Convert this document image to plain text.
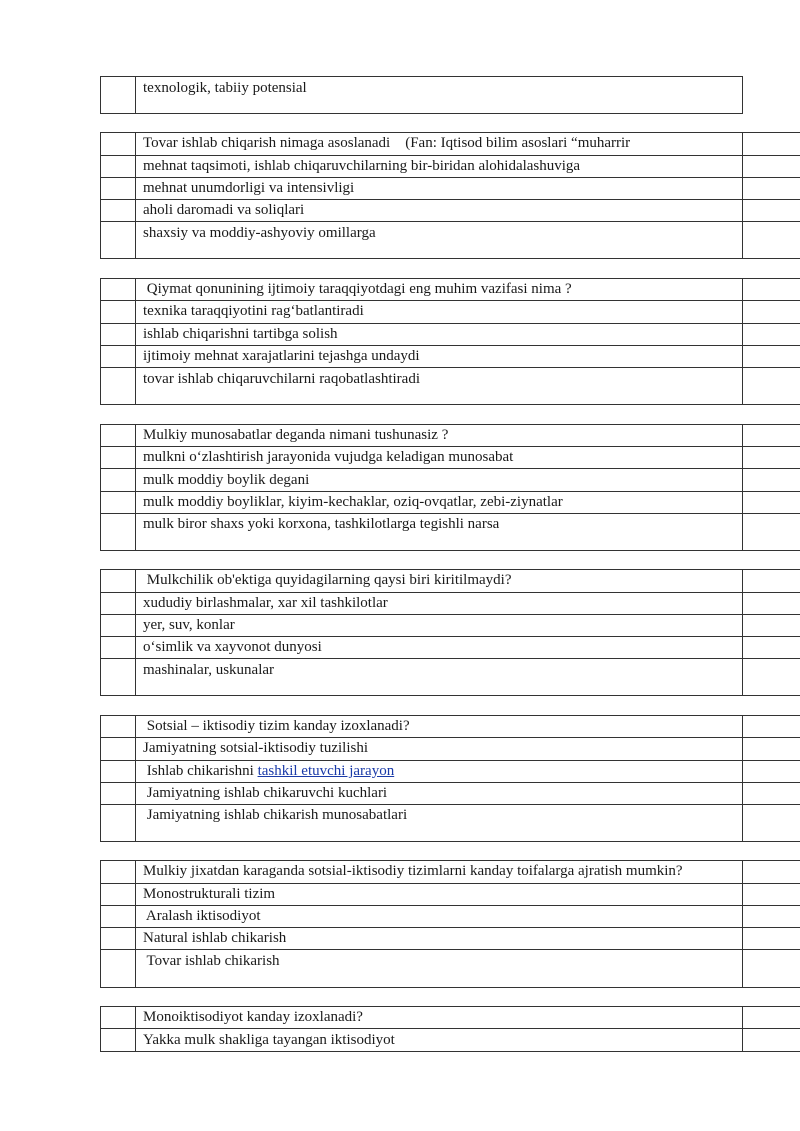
texnologik, tabiiy potensial
Tovar ishlab chiqarish nimaga asoslanadi    (Fan: Iqtisod bilim asoslari “muharrir
mehnat taqsimoti, ishlab chiqaruvchilarning bir-biridan alohidalashuviga
mehnat unumdorligi va intensivligi
aholi daromadi va soliqlari
shaxsiy va moddiy-ashyoviy omillarga
Qiymat qonunining ijtimoiy taraqqiyotdagi eng muhim vazifasi nima ?
texnika taraqqiyotini rag‘batlantiradi
ishlab chiqarishni tartibga solish
ijtimoiy mehnat xarajatlarini tejashga undaydi
tovar ishlab chiqaruvchilarni raqobatlashtiradi
Mulkiy munosabatlar deganda nimani tushunasiz ?
mulkni o‘zlashtirish jarayonida vujudga keladigan munosabat
mulk moddiy boylik degani
mulk moddiy boyliklar, kiyim-kechaklar, oziq-ovqatlar, zebi-ziynatlar
mulk biror shaxs yoki korxona, tashkilotlarga tegishli narsa
Mulkchilik ob'ektiga quyidagilarning qaysi biri kiritilmaydi?
xududiy birlashmalar, xar xil tashkilotlar
yer, suv, konlar
o‘simlik va xayvonot dunyosi
mashinalar, uskunalar
Sotsial – iktisodiy tizim kanday izoxlanadi?
Jamiyatning sotsial-iktisodiy tuzilishi
Ishlab chikarishni tashkil etuvchi jarayon
Jamiyatning ishlab chikaruvchi kuchlari
Jamiyatning ishlab chikarish munosabatlari
Mulkiy jixatdan karaganda sotsial-iktisodiy tizimlarni kanday toifalarga ajratish mumkin?
Monostrukturali tizim
Aralash iktisodiyot
Natural ishlab chikarish
Tovar ishlab chikarish
Monoiktisodiyot kanday izoxlanadi?
Yakka mulk shakliga tayangan iktisodiyot
